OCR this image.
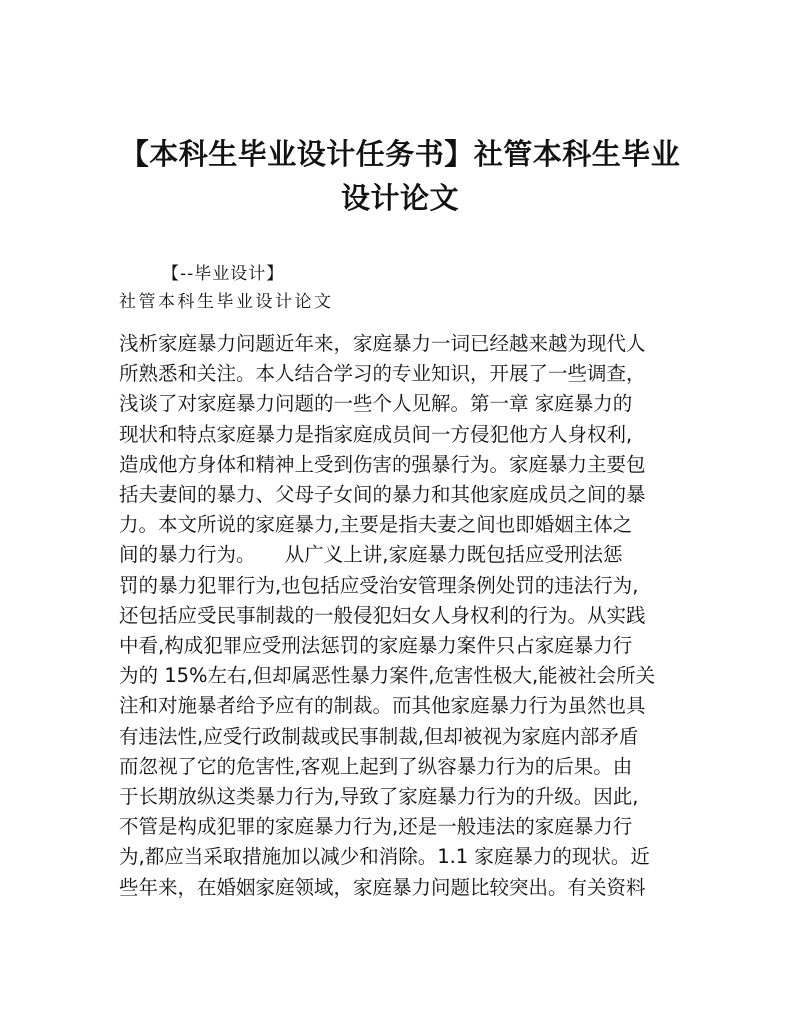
【本科生毕业设计任务书】社管本科生毕业
设计论文
【--毕业设计】
社管本科生毕业设计论文
浅析家庭暴力问题近年来，家庭暴力一词已经越来越为现代人
所熟悉和关注。本人结合学习的专业知识，开展了一些调查，
浅谈了对家庭暴力问题的一些个人见解。第一章 家庭暴力的
现状和特点家庭暴力是指家庭成员间一方侵犯他方人身权利,
造成他方身体和精神上受到伤害的强暴行为。家庭暴力主要包
括夫妻间的暴力、父母子女间的暴力和其他家庭成员之间的暴
力。本文所说的家庭暴力,主要是指夫妻之间也即婚姻主体之
间的暴力行为。　　从广义上讲,家庭暴力既包括应受刑法惩
罚的暴力犯罪行为,也包括应受治安管理条例处罚的违法行为,
还包括应受民事制裁的一般侵犯妇女人身权利的行为。从实践
中看,构成犯罪应受刑法惩罚的家庭暴力案件只占家庭暴力行
为的 15%左右,但却属恶性暴力案件,危害性极大,能被社会所关
注和对施暴者给予应有的制裁。而其他家庭暴力行为虽然也具
有违法性,应受行政制裁或民事制裁,但却被视为家庭内部矛盾
而忽视了它的危害性,客观上起到了纵容暴力行为的后果。由
于长期放纵这类暴力行为,导致了家庭暴力行为的升级。因此,
不管是构成犯罪的家庭暴力行为,还是一般违法的家庭暴力行
为,都应当采取措施加以减少和消除。1.1 家庭暴力的现状。近
些年来，在婚姻家庭领域，家庭暴力问题比较突出。有关资料
